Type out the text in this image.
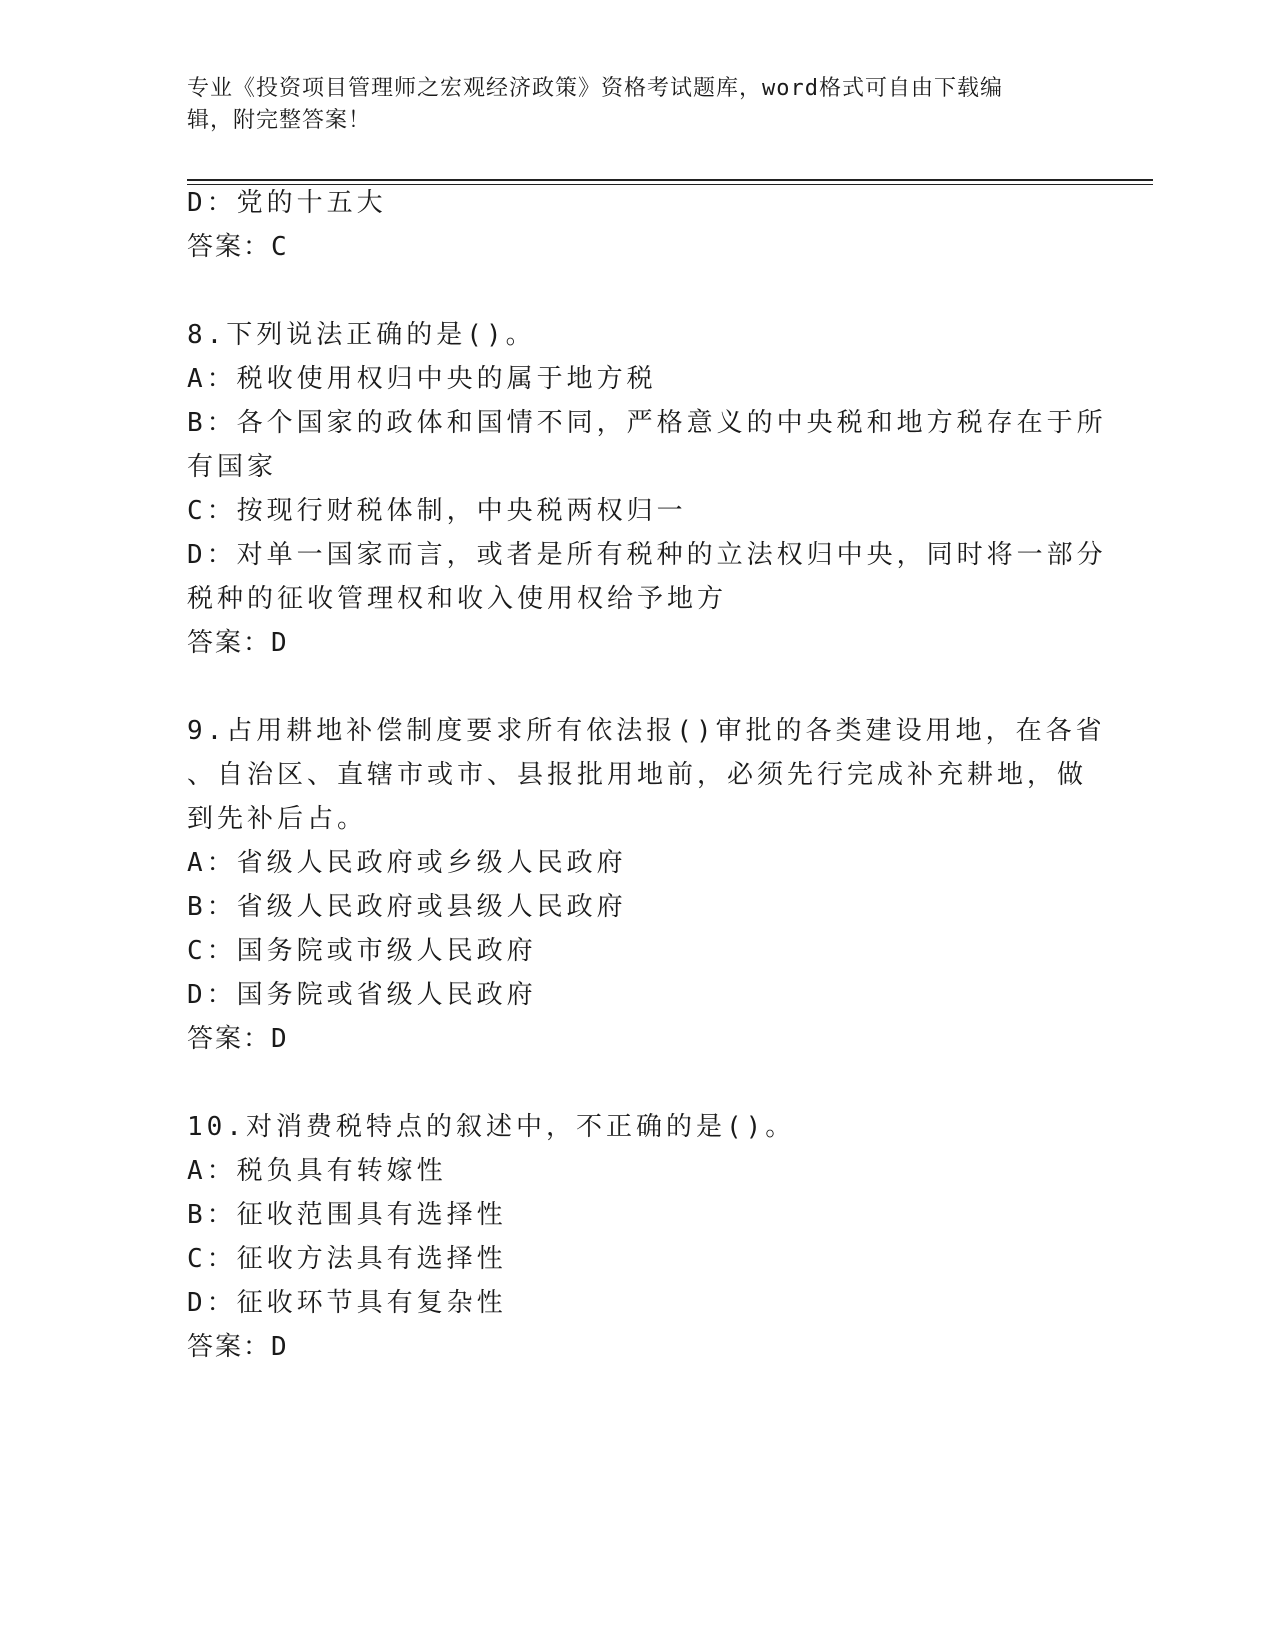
专业《投资项目管理师之宏观经济政策》资格考试题库，word格式可自由下载编
辑，附完整答案！
D：党的十五大
答案：C
8.下列说法正确的是()。
A：税收使用权归中央的属于地方税
B：各个国家的政体和国情不同，严格意义的中央税和地方税存在于所
有国家
C：按现行财税体制，中央税两权归一
D：对单一国家而言，或者是所有税种的立法权归中央，同时将一部分
税种的征收管理权和收入使用权给予地方
答案：D
9.占用耕地补偿制度要求所有依法报()审批的各类建设用地，在各省
、自治区、直辖市或市、县报批用地前，必须先行完成补充耕地，做
到先补后占。
A：省级人民政府或乡级人民政府
B：省级人民政府或县级人民政府
C：国务院或市级人民政府
D：国务院或省级人民政府
答案：D
10.对消费税特点的叙述中，不正确的是()。
A：税负具有转嫁性
B：征收范围具有选择性
C：征收方法具有选择性
D：征收环节具有复杂性
答案：D
